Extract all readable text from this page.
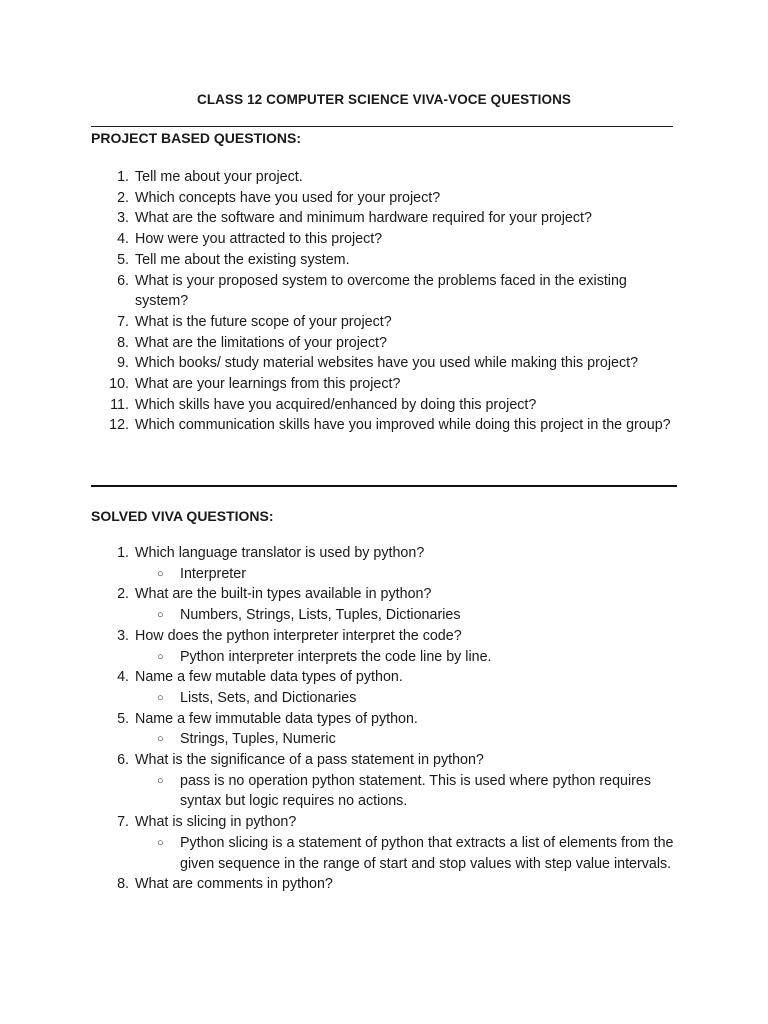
CLASS 12 COMPUTER SCIENCE VIVA-VOCE QUESTIONS
PROJECT BASED QUESTIONS:
1. Tell me about your project.
2. Which concepts have you used for your project?
3. What are the software and minimum hardware required for your project?
4. How were you attracted to this project?
5. Tell me about the existing system.
6. What is your proposed system to overcome the problems faced in the existing system?
7. What is the future scope of your project?
8. What are the limitations of your project?
9. Which books/ study material websites have you used while making this project?
10. What are your learnings from this project?
11. Which skills have you acquired/enhanced by doing this project?
12. Which communication skills have you improved while doing this project in the group?
SOLVED VIVA QUESTIONS:
1. Which language translator is used by python?
○ Interpreter
2. What are the built-in types available in python?
○ Numbers, Strings, Lists, Tuples, Dictionaries
3. How does the python interpreter interpret the code?
○ Python interpreter interprets the code line by line.
4. Name a few mutable data types of python.
○ Lists, Sets, and Dictionaries
5. Name a few immutable data types of python.
○ Strings, Tuples, Numeric
6. What is the significance of a pass statement in python?
○ pass is no operation python statement. This is used where python requires syntax but logic requires no actions.
7. What is slicing in python?
○ Python slicing is a statement of python that extracts a list of elements from the given sequence in the range of start and stop values with step value intervals.
8. What are comments in python?
